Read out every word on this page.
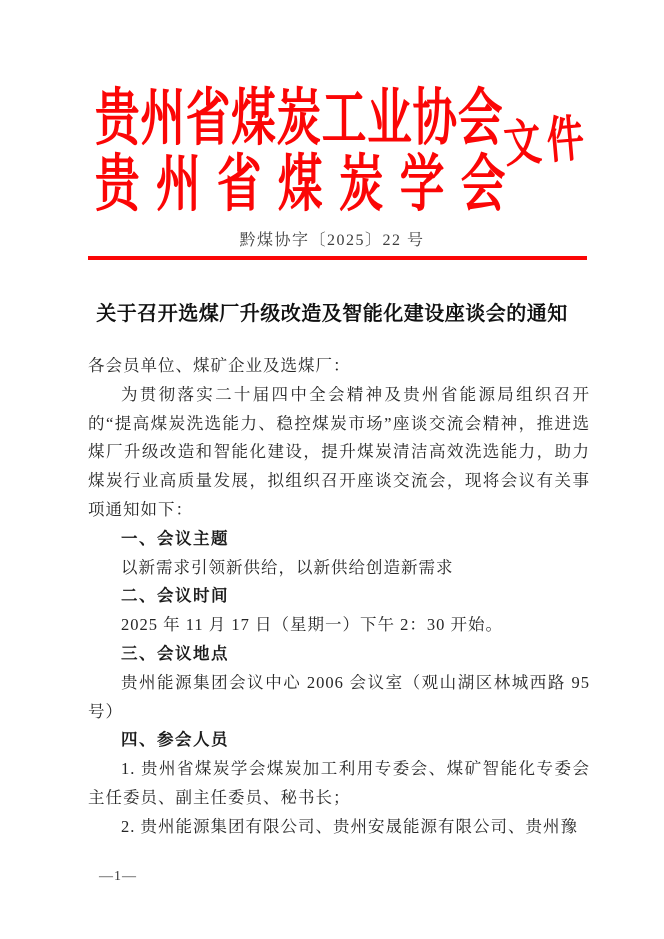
贵州省煤炭工业协会
贵州省煤炭学会
文件
黔煤协字〔2025〕22 号
关于召开选煤厂升级改造及智能化建设座谈会的通知

各会员单位、煤矿企业及选煤厂：

为贯彻落实二十届四中全会精神及贵州省能源局组织召开的“提高煤炭洗选能力、稳控煤炭市场”座谈交流会精神，推进选煤厂升级改造和智能化建设，提升煤炭清洁高效洗选能力，助力煤炭行业高质量发展，拟组织召开座谈交流会，现将会议有关事项通知如下：

一、会议主题

以新需求引领新供给，以新供给创造新需求

二、会议时间

2025 年 11 月 17 日（星期一）下午 2：30 开始。

三、会议地点

贵州能源集团会议中心 2006 会议室（观山湖区林城西路 95 号）

四、参会人员

1. 贵州省煤炭学会煤炭加工利用专委会、煤矿智能化专委会主任委员、副主任委员、秘书长；

2. 贵州能源集团有限公司、贵州安晟能源有限公司、贵州豫

—1—
